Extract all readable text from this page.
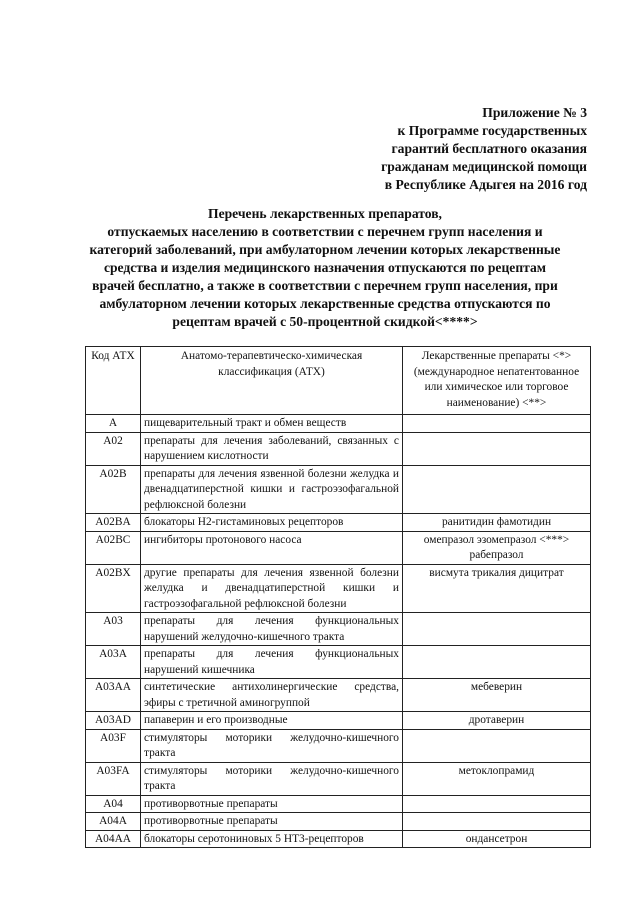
Приложение № 3
к Программе государственных
гарантий бесплатного оказания
гражданам медицинской помощи
в Республике Адыгея на 2016 год
Перечень лекарственных препаратов,
отпускаемых населению в соответствии с перечнем групп населения и
категорий заболеваний, при амбулаторном лечении которых лекарственные
средства и изделия медицинского назначения отпускаются по рецептам
врачей бесплатно, а также в соответствии с перечнем групп населения, при
амбулаторном лечении которых лекарственные средства отпускаются по
рецептам врачей с 50-процентной скидкой<****>
Код АТХ	Анатомо-терапевтическо-химическая классификация (АТХ)	Лекарственные препараты <*> (международное непатентованное или химическое или торговое наименование) <**>
A	пищеварительный тракт и обмен веществ	
A02	препараты для лечения заболеваний, связанных с нарушением кислотности	
A02B	препараты для лечения язвенной болезни желудка и двенадцатиперстной кишки и гастроэзофагальной рефлюксной болезни	
A02BA	блокаторы Н2-гистаминовых рецепторов	ранитидин фамотидин
A02BC	ингибиторы протонового насоса	омепразол эзомепразол <***> рабепразол
A02BX	другие препараты для лечения язвенной болезни желудка и двенадцатиперстной кишки и гастроэзофагальной рефлюксной болезни	висмута трикалия дицитрат
A03	препараты для лечения функциональных нарушений желудочно-кишечного тракта	
A03A	препараты для лечения функциональных нарушений кишечника	
A03AA	синтетические антихолинергические средства, эфиры с третичной аминогруппой	мебеверин
A03AD	папаверин и его производные	дротаверин
A03F	стимуляторы моторики желудочно-кишечного тракта	
A03FA	стимуляторы моторики желудочно-кишечного тракта	метоклопрамид
A04	противорвотные препараты	
A04A	противорвотные препараты	
A04AA	блокаторы серотониновых 5 НТ3-рецепторов	ондансетрон
